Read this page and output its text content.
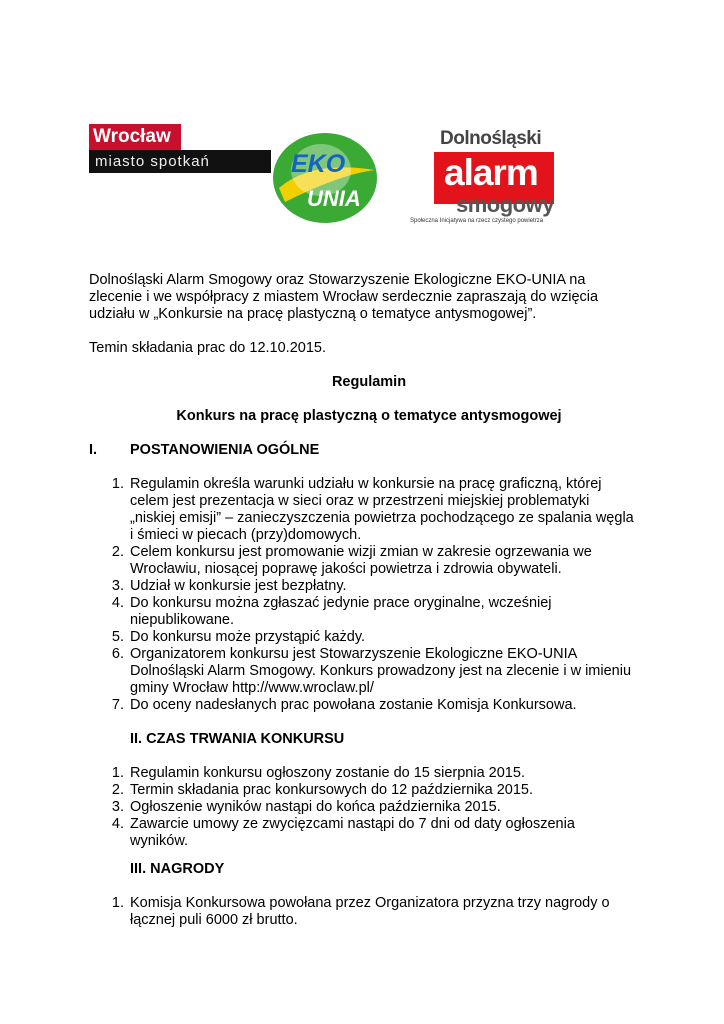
Wrocław
miasto spotkań	EKO
UNIA
Dolnośląski
alarm
smogowy
Społeczna Inicjatywa na rzecz czystego powietrza
Dolnośląski Alarm Smogowy oraz Stowarzyszenie Ekologiczne EKO-UNIA na
zlecenie i we współpracy z miastem Wrocław serdecznie zapraszają do wzięcia
udziału w „Konkursie na pracę plastyczną o tematyce antysmogowej”.
Temin składania prac do 12.10.2015.
Regulamin
Konkurs na pracę plastyczną o tematyce antysmogowej
I. POSTANOWIENIA OGÓLNE
1. Regulamin określa warunki udziału w konkursie na pracę graficzną, której
celem jest prezentacja w sieci oraz w przestrzeni miejskiej problematyki
„niskiej emisji” – zanieczyszczenia powietrza pochodzącego ze spalania węgla
i śmieci w piecach (przy)domowych.
2. Celem konkursu jest promowanie wizji zmian w zakresie ogrzewania we
Wrocławiu, niosącej poprawę jakości powietrza i zdrowia obywateli.
3. Udział w konkursie jest bezpłatny.
4. Do konkursu można zgłaszać jedynie prace oryginalne, wcześniej
niepublikowane.
5. Do konkursu może przystąpić każdy.
6. Organizatorem konkursu jest Stowarzyszenie Ekologiczne EKO-UNIA
Dolnośląski Alarm Smogowy. Konkurs prowadzony jest na zlecenie i w imieniu
gminy Wrocław http://www.wroclaw.pl/
7. Do oceny nadesłanych prac powołana zostanie Komisja Konkursowa.
II. CZAS TRWANIA KONKURSU
1. Regulamin konkursu ogłoszony zostanie do 15 sierpnia 2015.
2. Termin składania prac konkursowych do 12 października 2015.
3. Ogłoszenie wyników nastąpi do końca października 2015.
4. Zawarcie umowy ze zwycięzcami nastąpi do 7 dni od daty ogłoszenia
wyników.
III. NAGRODY
1. Komisja Konkursowa powołana przez Organizatora przyzna trzy nagrody o
łącznej puli 6000 zł brutto.
